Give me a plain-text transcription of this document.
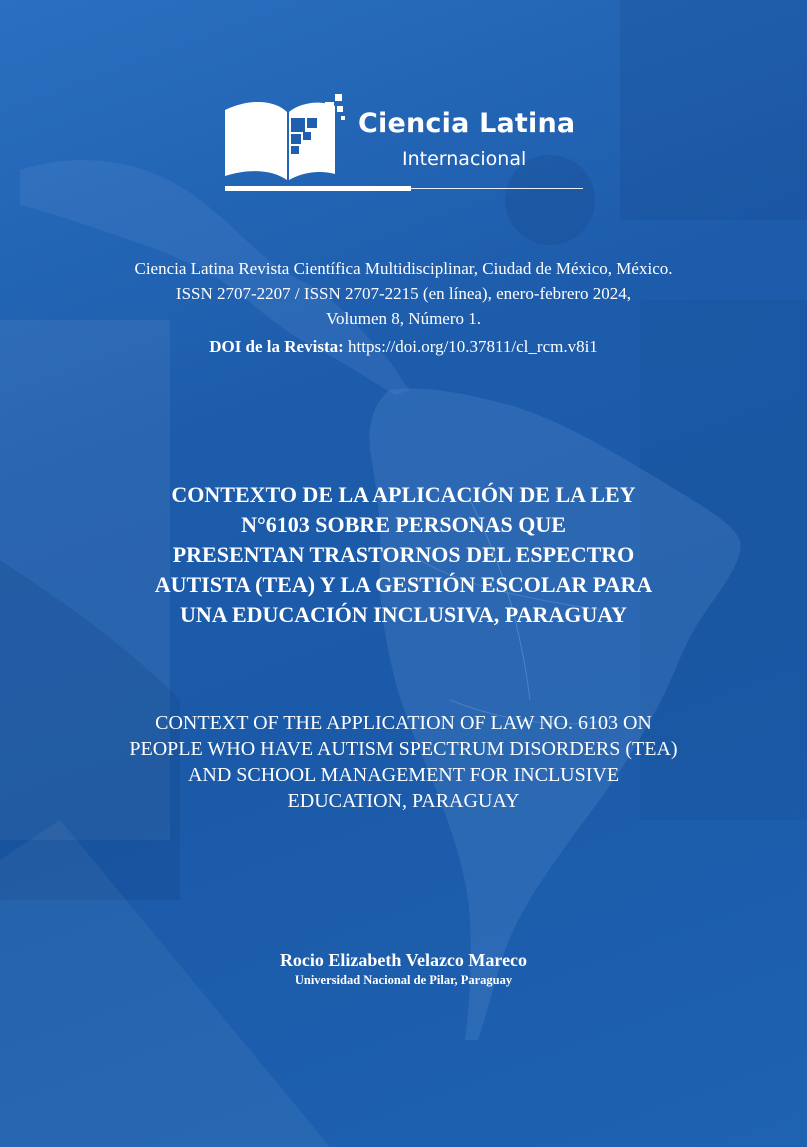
Ciencia Latina
Internacional
Ciencia Latina Revista Científica Multidisciplinar, Ciudad de México, México.
ISSN 2707-2207 / ISSN 2707-2215 (en línea), enero-febrero 2024,
Volumen 8, Número 1.
DOI de la Revista: https://doi.org/10.37811/cl_rcm.v8i1
CONTEXTO DE LA APLICACIÓN DE LA LEY
N°6103 SOBRE PERSONAS QUE
PRESENTAN TRASTORNOS DEL ESPECTRO
AUTISTA (TEA) Y LA GESTIÓN ESCOLAR PARA
UNA EDUCACIÓN INCLUSIVA, PARAGUAY
CONTEXT OF THE APPLICATION OF LAW NO. 6103 ON
PEOPLE WHO HAVE AUTISM SPECTRUM DISORDERS (TEA)
AND SCHOOL MANAGEMENT FOR INCLUSIVE
EDUCATION, PARAGUAY
Rocio Elizabeth Velazco Mareco
Universidad Nacional de Pilar, Paraguay
